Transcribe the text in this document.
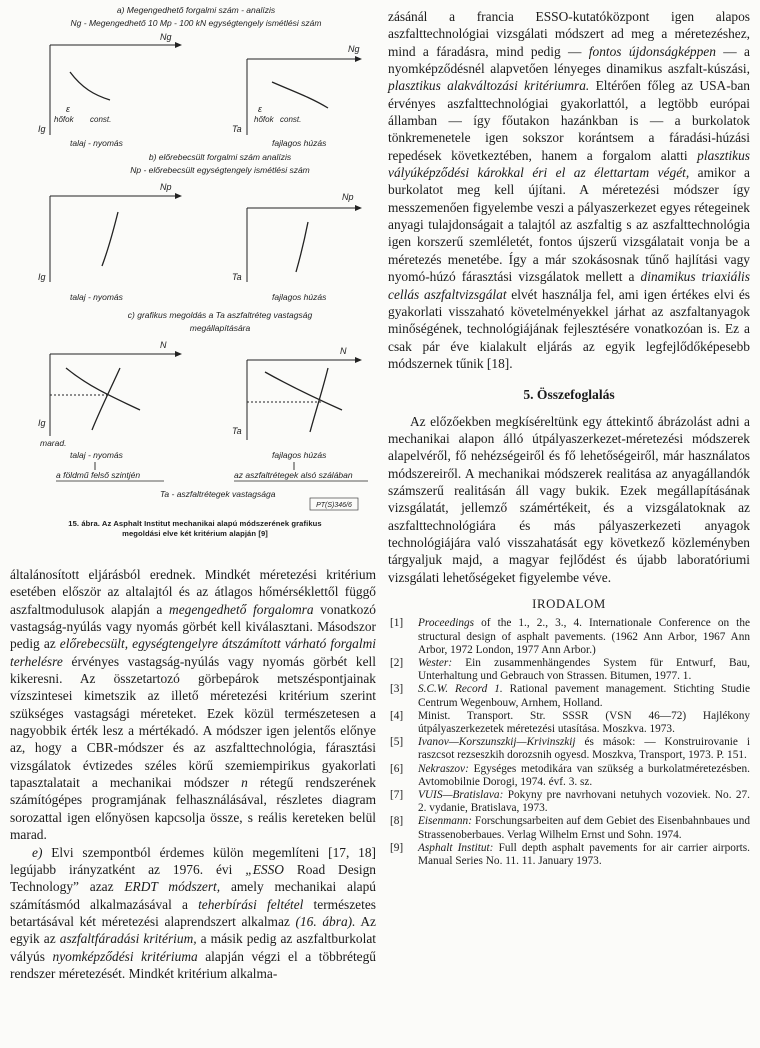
a) Megengedhető forgalmi szám - analízis
Ng - Megengedhető 10 Mp - 100 kN egységtengely ismétlési szám
Ng
ε
hőfok const.
Ig
talaj - nyomás
Ng
ε
hőfok const.
Ta
fajlagos húzás
b) előrebecsült forgalmi szám analízis
Np - előrebecsült egységtengely ismétlési szám
Np
Ig
talaj - nyomás
Np
Ta
fajlagos húzás
c) grafikus megoldás a Ta aszfaltréteg vastagság
megállapítására
N
Ig
marad.
talaj - nyomás
a földmű felső szintjén
N
Ta
fajlagos húzás
az aszfaltrétegek alsó szálában
Ta - aszfaltrétegek vastagsága
PT(S)346/6
15. ábra. Az Asphalt Institut mechanikai alapú módszerének grafikus
megoldási elve két kritérium alapján [9]

általánosított eljárásból erednek. Mindkét méretezési kritérium esetében először az altalajtól és az átlagos hőmérséklettől függő aszfaltmodulusok alapján a megengedhető forgalomra vonatkozó vastagság-nyúlás vagy nyomás görbét kell kiválasztani. Másodszor pedig az előrebecsült, egységtengelyre átszámított várható forgalmi terhelésre érvényes vastagság-nyúlás vagy nyomás görbét kell kikeresni. Az összetartozó görbepárok metszéspontjainak vízszintesei kimetszik az illető méretezési kritérium szerint szükséges vastagsági méreteket. Ezek közül természetesen a nagyobbik érték lesz a mértékadó. A módszer igen jelentős előnye az, hogy a CBR-módszer és az aszfalttechnológia, fárasztási vizsgálatok évtizedes széles körű szemiempirikus gyakorlati tapasztalatait a mechanikai módszer n rétegű rendszerének számítógépes programjának felhasználásával, részletes diagram sorozattal igen előnyösen kapcsolja össze, s reális kereteken belül marad.

e) Elvi szempontból érdemes külön megemlíteni [17, 18] legújabb irányzatként az 1976. évi „ESSO Road Design Technology” azaz ERDT módszert, amely mechanikai alapú számításmód alkalmazásával a teherbírási feltétel természetes betartásával két méretezési alaprendszert alkalmaz (16. ábra). Az egyik az aszfaltfáradási kritérium, a másik pedig az aszfaltburkolat vályús nyomképződési kritériuma alapján végzi el a többrétegű rendszer méretezését. Mindkét kritérium alkalma-

zásánál a francia ESSO-kutatóközpont igen alapos aszfalttechnológiai vizsgálati módszert ad meg a méretezéshez, mind a fáradásra, mind pedig — fontos újdonságképpen — a nyomképződésnél alapvetően lényeges dinamikus aszfalt-kúszási, plasztikus alakváltozási kritériumra. Eltérően főleg az USA-ban érvényes aszfalttechnológiai gyakorlattól, a legtöbb európai államban — így főutakon hazánkban is — a burkolatok tönkremenetele igen sokszor korántsem a fáradási-húzási repedések következtében, hanem a forgalom alatti plasztikus vályúképződési károkkal éri el az élettartam végét, amikor a burkolatot meg kell újítani. A méretezési módszer így messzemenően figyelembe veszi a pályaszerkezet egyes rétegeinek anyagi tulajdonságait a talajtól az aszfaltig s az aszfalttechnológia igen korszerű szemléletét, fontos újszerű vizsgálatait vonja be a méretezés menetébe. Így a már szokásosnak tűnő hajlítási vagy nyomó-húzó fárasztási vizsgálatok mellett a dinamikus triaxiális cellás aszfaltvizsgálat elvét használja fel, ami igen értékes elvi és gyakorlati visszaható követelményekkel járhat az aszfaltanyagok minőségének, technológiájának fejlesztésére vonatkozóan is. Ez a csak pár éve kialakult eljárás az egyik legfejlődőképesebb módszernek tűnik [18].

5. Összefoglalás

Az előzőekben megkíséreltünk egy áttekintő ábrázolást adni a mechanikai alapon álló útpályaszerkezet-méretezési módszerek alapelvéről, fő nehézségeiről és fő lehetőségeiről, már használatos módszereiről. A mechanikai módszerek realitása az anyagállandók számszerű realitásán áll vagy bukik. Ezek megállapításának vizsgálatát, jellemző számértékeit, és a vizsgálatoknak az aszfalttechnológiára és más pályaszerkezeti anyagok technológiájára való visszahatását egy következő közleményben tárgyaljuk majd, a magyar fejlődést és újabb laboratóriumi vizsgálati lehetőségeket figyelembe véve.

IRODALOM
[1] Proceedings of the 1., 2., 3., 4. Internationale Conference on the structural design of asphalt pavements. (1962 Ann Arbor, 1967 Ann Arbor, 1972 London, 1977 Ann Arbor.)
[2] Wester: Ein zusammenhängendes System für Entwurf, Bau, Unterhaltung und Gebrauch von Strassen. Bitumen, 1977. 1.
[3] S.C.W. Record 1. Rational pavement management. Stichting Studie Centrum Wegenbouw, Arnhem, Holland.
[4] Minist. Transport. Str. SSSR (VSN 46—72) Hajlékony útpályaszerkezetek méretezési utasítása. Moszkva. 1973.
[5] Ivanov—Korszunszkij—Krivinszkij és mások: — Konstruirovanie i raszcsot rezseszkih dorozsnih ogyesd. Moszkva, Transport, 1973. P. 151.
[6] Nekraszov: Egységes metodikára van szükség a burkolatméretezésben. Avtomobilnie Dorogi, 1974. évf. 3. sz.
[7] VUIS—Bratislava: Pokyny pre navrhovani netuhych vozoviek. No. 27. 2. vydanie, Bratislava, 1973.
[8] Eisenmann: Forschungsarbeiten auf dem Gebiet des Eisenbahnbaues und Strassenoberbaues. Verlag Wilhelm Ernst und Sohn. 1974.
[9] Asphalt Institut: Full depth asphalt pavements for air carrier airports. Manual Series No. 11. 11. January 1973.
